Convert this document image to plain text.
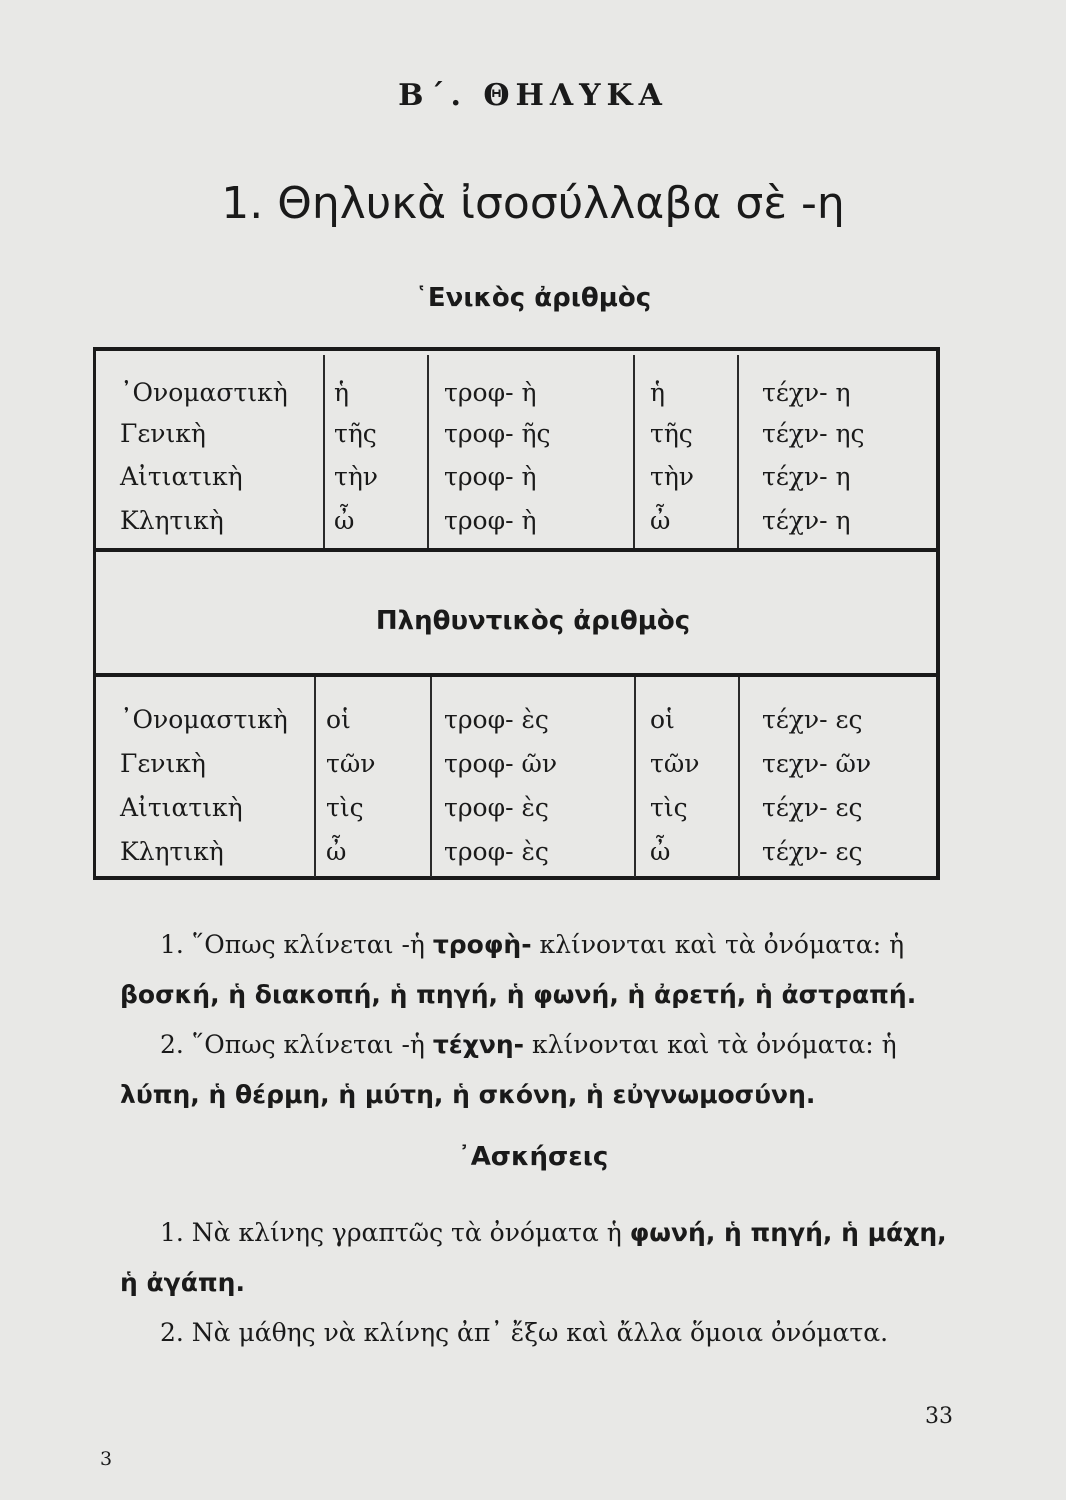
Β΄. ΘΗΛΥΚΑ
1. Θηλυκὰ ἰσοσύλλαβα σὲ -η
῾Ενικὸς ἀριθμὸς
᾿Ονομαστικὴ ἡ	τροφ- ὴ	ἡ	τέχν- η
Γενικὴ	τῆς	τροφ- ῆς	τῆς	τέχν- ης
Αἰτιατικὴ	τὴν	τροφ- ὴ	τὴν	τέχν- η
Κλητικὴ	ὦ	τροφ- ὴ	ὦ	τέχν- η
Πληθυντικὸς ἀριθμὸς
᾿Ονομαστικὴ οἱ	τροφ- ὲς	οἱ	τέχν- ες
Γενικὴ	τῶν	τροφ- ῶν	τῶν	τεχν- ῶν
Αἰτιατικὴ	τὶς	τροφ- ὲς	τὶς	τέχν- ες
Κλητικὴ	ὦ	τροφ- ὲς	ὦ	τέχν- ες
1. ῞Οπως κλίνεται -ἡ τροφὴ- κλίνονται καὶ τὰ ὀνόματα: ἡ
βοσκή, ἡ διακοπή, ἡ πηγή, ἡ φωνή, ἡ ἀρετή, ἡ ἀστραπή.
2. ῞Οπως κλίνεται -ἡ τέχνη- κλίνονται καὶ τὰ ὀνόματα: ἡ
λύπη, ἡ θέρμη, ἡ μύτη, ἡ σκόνη, ἡ εὐγνωμοσύνη.
᾿Ασκήσεις
1. Νὰ κλίνης γραπτῶς τὰ ὀνόματα ἡ φωνή, ἡ πηγή, ἡ μάχη,
ἡ ἀγάπη.
2. Νὰ μάθης νὰ κλίνης ἀπ᾿ ἔξω καὶ ἄλλα ὅμοια ὀνόματα.
33
3
